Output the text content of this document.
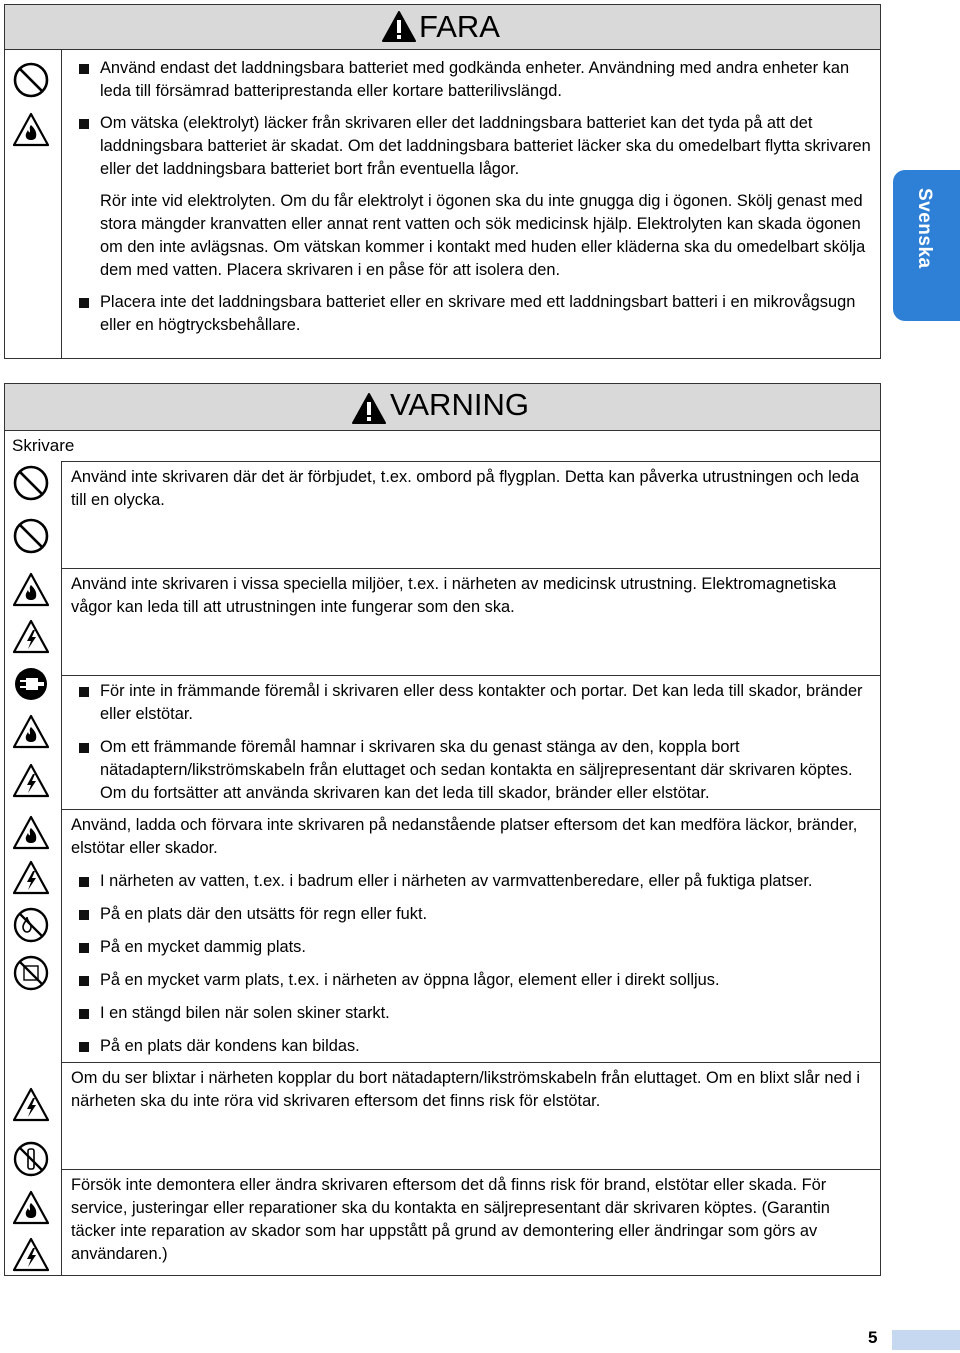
FARA

Använd endast det laddningsbara batteriet med godkända enheter. Användning med andra enheter kan leda till försämrad batteriprestanda eller kortare batterilivslängd.

Om vätska (elektrolyt) läcker från skrivaren eller det laddningsbara batteriet kan det tyda på att det laddningsbara batteriet är skadat. Om det laddningsbara batteriet läcker ska du omedelbart flytta skrivaren eller det laddningsbara batteriet bort från eventuella lågor.

Rör inte vid elektrolyten. Om du får elektrolyt i ögonen ska du inte gnugga dig i ögonen. Skölj genast med stora mängder kranvatten eller annat rent vatten och sök medicinsk hjälp. Elektrolyten kan skada ögonen om den inte avlägsnas. Om vätskan kommer i kontakt med huden eller kläderna ska du omedelbart skölja dem med vatten. Placera skrivaren i en påse för att isolera den.

Placera inte det laddningsbara batteriet eller en skrivare med ett laddningsbart batteri i en mikrovågsugn eller en högtrycksbehållare.

Svenska
VARNING
Skrivare

Använd inte skrivaren där det är förbjudet, t.ex. ombord på flygplan. Detta kan påverka utrustningen och leda till en olycka.

Använd inte skrivaren i vissa speciella miljöer, t.ex. i närheten av medicinsk utrustning. Elektromagnetiska vågor kan leda till att utrustningen inte fungerar som den ska.

För inte in främmande föremål i skrivaren eller dess kontakter och portar. Det kan leda till skador, bränder eller elstötar.

Om ett främmande föremål hamnar i skrivaren ska du genast stänga av den, koppla bort nätadaptern/likströmskabeln från eluttaget och sedan kontakta en säljrepresentant där skrivaren köptes. Om du fortsätter att använda skrivaren kan det leda till skador, bränder eller elstötar.

Använd, ladda och förvara inte skrivaren på nedanstående platser eftersom det kan medföra läckor, bränder, elstötar eller skador.

I närheten av vatten, t.ex. i badrum eller i närheten av varmvattenberedare, eller på fuktiga platser.

På en plats där den utsätts för regn eller fukt.

På en mycket dammig plats.

På en mycket varm plats, t.ex. i närheten av öppna lågor, element eller i direkt solljus.

I en stängd bilen när solen skiner starkt.

På en plats där kondens kan bildas.

Om du ser blixtar i närheten kopplar du bort nätadaptern/likströmskabeln från eluttaget. Om en blixt slår ned i närheten ska du inte röra vid skrivaren eftersom det finns risk för elstötar.

Försök inte demontera eller ändra skrivaren eftersom det då finns risk för brand, elstötar eller skada. För service, justeringar eller reparationer ska du kontakta en säljrepresentant där skrivaren köptes. (Garantin täcker inte reparation av skador som har uppstått på grund av demontering eller ändringar som görs av användaren.)

5
